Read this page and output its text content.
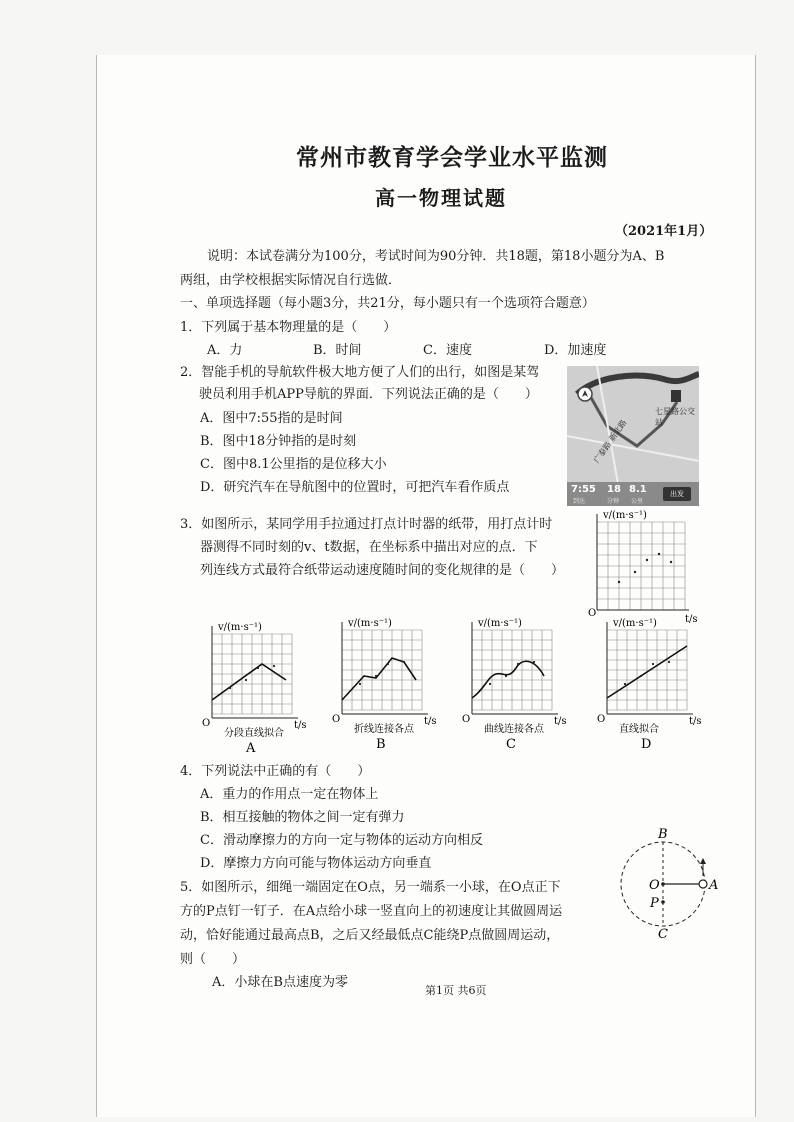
常州市教育学会学业水平监测
高一物理试题
（2021年1月）
说明：本试卷满分为100分，考试时间为90分钟．共18题，第18小题分为A、B
两组，由学校根据实际情况自行选做．
一、单项选择题（每小题3分，共21分，每小题只有一个选项符合题意）
1．下列属于基本物理量的是（　　）
A．力	B．时间	C．速度	D．加速度
2．智能手机的导航软件极大地方便了人们的出行，如图是某驾
驶员利用手机APP导航的界面．下列说法正确的是（　　）
A．图中7:55指的是时间
B．图中18分钟指的是时刻
C．图中8.1公里指的是位移大小
D．研究汽车在导航图中的位置时，可把汽车看作质点
七星路公交站
广泰路 新北路
7:55
到达
18
分钟
8.1
公里
出发
3．如图所示，某同学用手拉通过打点计时器的纸带，用打点计时
器测得不同时刻的v、t数据，在坐标系中描出对应的点．下
列连线方式最符合纸带运动速度随时间的变化规律的是（　　）
v/(m·s⁻¹)
t/s
O
v/(m·s⁻¹)
t/s
O
分段直线拟合
A
v/(m·s⁻¹)
t/s
O
折线连接各点
B
v/(m·s⁻¹)
t/s
O
曲线连接各点
C
v/(m·s⁻¹)
t/s
O
直线拟合
D
4．下列说法中正确的有（　　）
A．重力的作用点一定在物体上
B．相互接触的物体之间一定有弹力
C．滑动摩擦力的方向一定与物体的运动方向相反
D．摩擦力方向可能与物体运动方向垂直
5．如图所示，细绳一端固定在O点，另一端系一小球，在O点正下
方的P点钉一钉子．在A点给小球一竖直向上的初速度让其做圆周运
动，恰好能通过最高点B，之后又经最低点C能绕P点做圆周运动，
则（　　）
A．小球在B点速度为零
B
O	A
P
C
第1页 共6页
